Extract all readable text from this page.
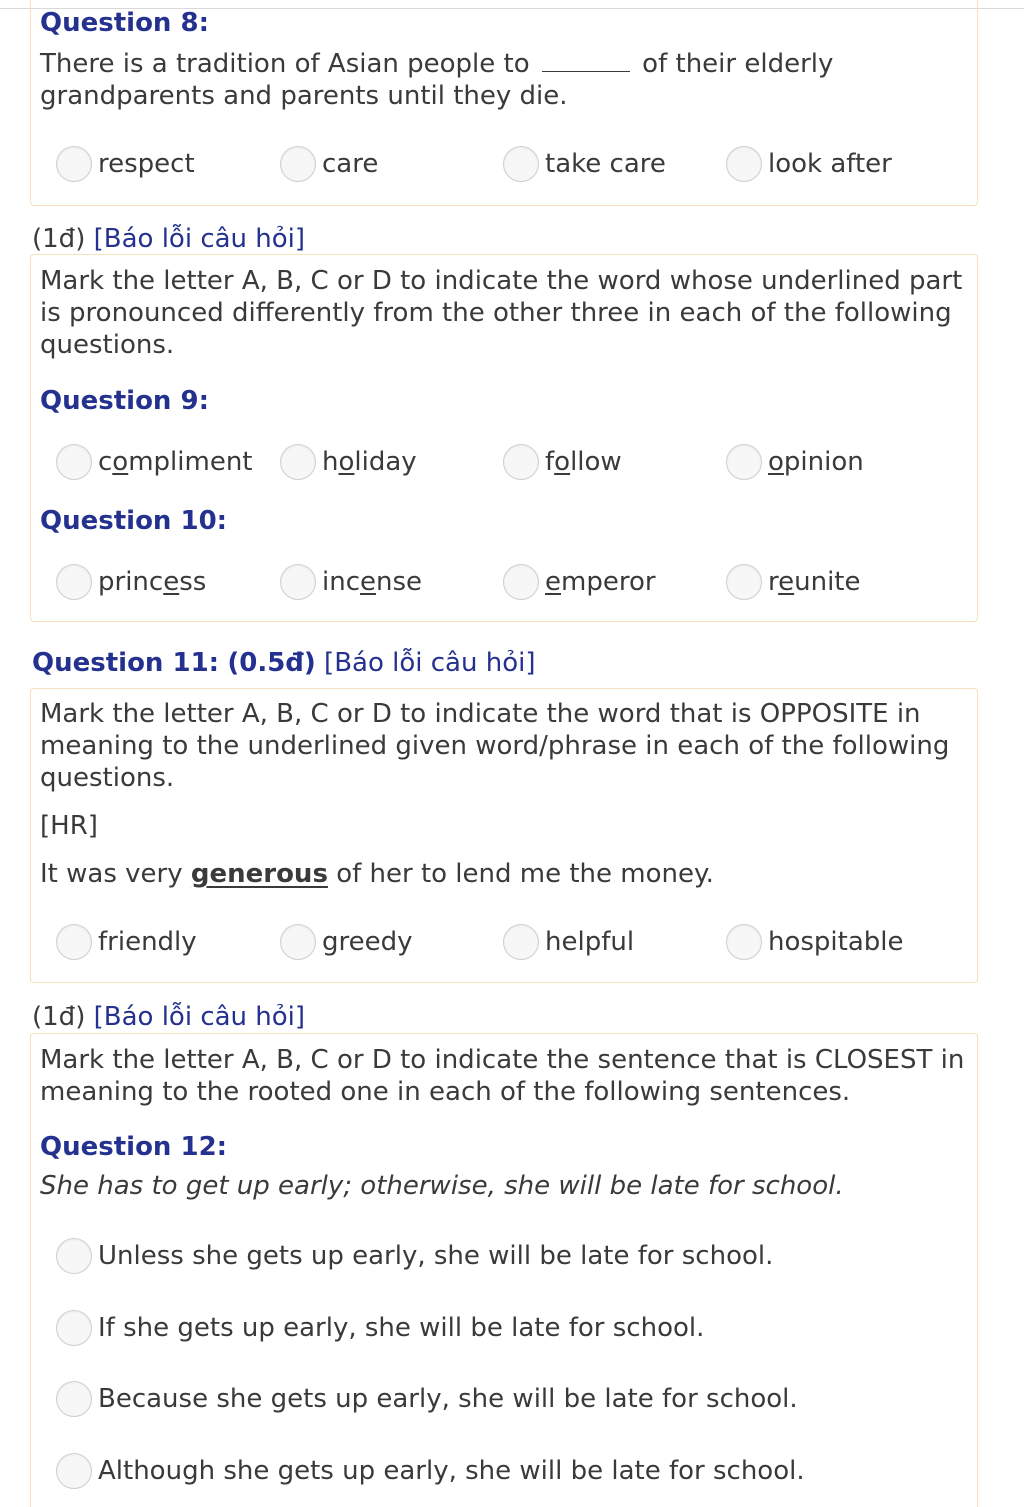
Question 8:
There is a tradition of Asian people to	of their elderly
grandparents and parents until they die.
respect	care	take care	look after
(1đ) [Báo lỗi câu hỏi]
Mark the letter A, B, C or D to indicate the word whose underlined part
is pronounced differently from the other three in each of the following
questions.
Question 9:
compliment	holiday	follow	opinion
Question 10:
princess	incense	emperor	reunite
Question 11: (0.5đ) [Báo lỗi câu hỏi]
Mark the letter A, B, C or D to indicate the word that is OPPOSITE in
meaning to the underlined given word/phrase in each of the following
questions.
[HR]
It was very generous of her to lend me the money.
friendly	greedy	helpful	hospitable
(1đ) [Báo lỗi câu hỏi]
Mark the letter A, B, C or D to indicate the sentence that is CLOSEST in
meaning to the rooted one in each of the following sentences.
Question 12:
She has to get up early; otherwise, she will be late for school.
Unless she gets up early, she will be late for school.
If she gets up early, she will be late for school.
Because she gets up early, she will be late for school.
Although she gets up early, she will be late for school.
